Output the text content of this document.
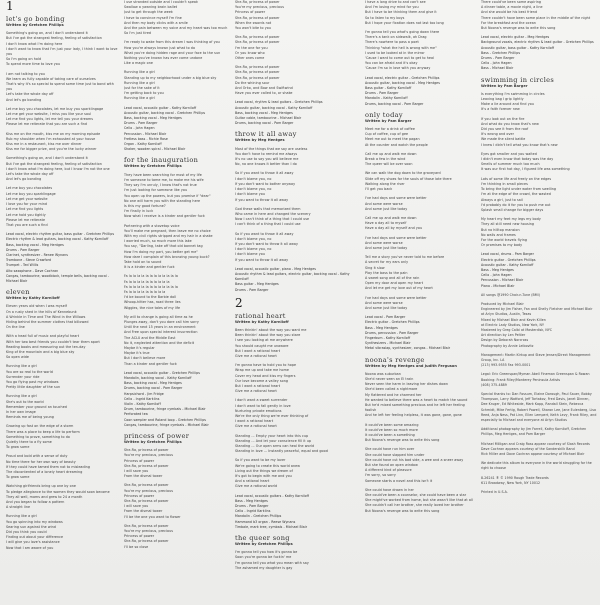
1
let's go bonding
Written by Gretchen Phillips
Something's going on, and I don't understand it
But I've got the strangest feeling, feeling of satisfaction
I don't know what I'm doing here
I don't want to know that I'm just your lady, I think I want to love you
So I'm going on hold
To spend more time to love you
I am not talking to you
We learn as fully capable of taking care of ourselves
That's why it's so special to spend some time just to bond with you
Let's take the whole day off
And let's go bonding
Let me buy you chocolates, let me buy you sparklingage
Let me get your website, I miss you like your soul
Let me find you lights, let me tell you your dreams
Please let me reiterate that you are such a find
Kiss me on the mouth, kiss me on my morning episode
Rub my shoulder when I'm exhausted at your house
Kiss me in a restaurant, kiss me over dinner
Kiss me for bigger prize, and you're the lucky winner
Something's going on, and I don't understand it
But I've got the strangest feeling, feeling of satisfaction
I don't know what I'm doing here, but I know I'm not the one
Let's take the whole day off
And let's go bonding
Let me buy you chocolates
Let me buy you sparklingage
Let me get your website
I love you for your mind
Let me find you lights
Let me hold you tightly
Please let me reiterate
That you are such a find
Lead vocal, electric rhythm guitar, bass guitar - Gretchen Phillips
Electric rhythm & lead guitars, backing vocal - Kathy Korniloff
Bass, backing vocal - Meg Hentges
Drums - Pam Barger
Clarinet, synthesizer - Renee Wynans
Trombone - Steve Crawford
Trumpet - Ted Willis
Alto saxophone - Dave Cochran
Congas, tambourine, woodblock, temple bells, backing vocal - Michael Blair
eleven
Written by Kathy Korniloff
Eleven years old when I was myself
On a rusty shed in the hills of Kennebunk
A Wrinkle in Time and The Wind in the Willows
Hiding behind the summer clothes that billowed
On the line
With a head full of music and playful heart
With her two best friends you couldn't tear them apart
Reading books and measuring out the ten-day
King of the mountain and a big blue sky
So open wide
Running like a girl
You are so real to the world
Surrender your ride
You go flying past my windows
Pretty little daughter of the sun
Running like a girl
She's out to the world
Remember your ground an touched
In her own image
Reminds me of being young
Growing up fast on the edge of a storm
There was a place to keep a life to perform
Something to prove, something to do
Quietly there to a fly some
To grow some
Proud and bold with a sense of duty
No time there for her own way of beauty
If they could have tamed them not to misleading
The discontented of a lonely heart dreaming
To grow some
Watching girlfriends bring up one by one
To pledge allegiance to the women they would soon become
They all well, moms and grew to 24 a month
And you began to follow a pattern
A straight line
Running like a girl
You go spinning into my windows
Searing sun against the wind
Did you think you could
Finding out about your difference
I will give you love's assistance
Now that I am aware of you
I use stranded outside and I couldn't speak
Swallow a yawning brain ballet
Just to get through the week
I have to convince myself I'm fine
And then my body clicks with a smile
And the pain between my voice and my heart was too much
So I'm just tired
I'm ready to wake from this dream I was thinking of you
How you're always known just what to do
What you're doing hidden rage and your face to the sun
Nothing you've known has ever come undone
Like a magic one
Running like a girl
Standing up to my neighborhood under a big blue sky
Running like a girl
Just for the sake of it
I'm getting back to you
Running like a girl
Lead vocal, acoustic guitar - Kathy Korniloff
Acoustic guitar, backing vocal - Gretchen Phillips
Bass, backing vocal - Meg Hentges
Drums - Pam Barger
Cello - John Hagen
Percussion - Michael Blair
Fretless bass - Richie Rose
Organ - Kathy Korniloff
Shaker, wooden spiral - Michael Blair
for the inauguration
Written by Gretchen Phillips
They have been searching for most of my life
I'm someone to tame me, to make me his wife
They say I'm unruly, I know that's not true
I'm just looking for someone like you
You open up the powers, but you promise if "dear"
No one will harm you with the standing here
Is this my good fortune?
I'm finally in luck
Now what I receive is a kinder and gentler fuck
Partnering with a stovetop voice
You'll make me pregnant, then leave me no choice
With my civil rights stripped and my hair in a shake
I worried much, so much more this lake
You say, "Darling, take off that old bonnet tag
How I'm doing my part, you better get me"
How dare I complain of this bronzing young buck?
Take hold on to sound
It is a kinder and gentler fuck
Fa la la la la la la la la la la la la
Fa la la la la la la la la la la
Fa la la la la la la la la la la la la
Fa la la la la la la la la la
I'd be bound to the Barbie doll
Whoop-hitter has, road three lies
Wiggles, the nice tales of my life
My will to change is going all time as he
Plunges away, don't you dare call him sorry
Until the next 15 years in an environment
And Free upon special interest insurrection
The ACLU and the Middle East
No it, neglected attention and the deficit
Maybe it's regular
Maybe it's true
But I don't believe more
Than a kinder and gentler fuck
Lead vocal, acoustic guitar - Gretchen Phillips
Mandolin, backing vocal - Kathy Korniloff
Bass, backing vocal - Meg Hentges
Drums, backing vocal - Pam Barger
Harpsichord - Jim Fridge
Cello - Ingrid Karklins
Violin - Kathy Korniloff
Drum, tambourine, fringe cymbals - Michael Blair
Perforated tea
Coon sampler and Roland loop - Gretchen Phillips
Congas, tambourine, fringe cymbals - Michael Blair
princess of power
Written by Gretchen Phillips
She-Ra, princess of power
You're my precious, precious
Princess of power
She-Ra, princess of power
I will save you
From the dismal tower
She-Ra, princess of power
You're my precious, precious
Princess of power
She-Ra, princess of power
I will save you
From the dismal tower
I'll be the one you want to flower
She-Ra, princess of power
You're my precious, precious
Princess of power
She-Ra, princess of power
I'll be so close
She-Ra, princess of power
You're my precious, precious
Princess of power
She-Ra, princess of power
When the swords not
You won't bite to you
She-Ra, princess of power
She-Ra, princess of power
I'm the one for you
Or you know who
Other ones come
She-Ra, princess of power
She-Ra, princess of power
She-Ra, princess of power
Do the whining sour
And Orko, and Bow and Swiftwind
Have you ever called to, or shake
Lead vocal, rhythm & lead guitars - Gretchen Phillips
Acoustic guitar, backing vocal - Kathy Korniloff
Bass, backing vocal - Meg Hentges
Guitar cable, tambourine - Michael Blair
Drums, backing vocal - Pam Barger
throw it all away
Written by Meg Hentges
Most of the things that we say are useless
You don't have to remind me always
It's no use to say you will believe me
No, no one knows it better than I do
So if you want to throw it all away
I don't blame you, no
If you don't want to bother anyway
I don't blame you, no
I don't blame you
If you want to throw it all away
God these walls that memorized them
Who came in here and changed the scenery
Now I can't think of a thing that I could use
I can't think of a thing that I could use
So if you want to throw it all away
I don't blame you, no
If you don't want to throw it all away
I don't blame you, no
I don't blame you
If you want to throw it all away
Lead vocal, acoustic guitar, piano - Meg Hentges
Acoustic rhythm & lead guitars, electric guitar, backing vocal - Kathy Korniloff
Bass guitar - Meg Hentges
Drums - Pam Barger
2
rational heart
Written by Kathy Korniloff
Been thinkin' about the way you want me
Been thinkin' about the way you stare
I see you looking at me anywhere
You should caught me unaware
But I want a rational heart
Give me a rational heart
I'm gonna have to hold you to hope
Wrap me up and take me home
Cover my head and kiss my fingers
Our love become a valley song
But I want a rational heart
Give me a rational heart
I don't want a sweet surrender
I don't want to fall gently in love
Nurturing private emotions
We're the only thing we're ever thinking of
I want a rational heart
Give me a rational heart
Standing ... Empty your heart into this cup
Standing ... And let your conscience fill it up
Standing ... Our open arms can heal the world
Standing in love ... Instantly peaceful, equal and good
So if you want to be my lover
We're going to create this world anew
Living out the things we dream of
It's got to begin with me and you
And a rational heart
Give me a rational world
Lead vocal, acoustic guitars - Kathy Korniloff
Bass - Meg Hentges
Drums - Pam Barger
Cello - Ingrid Karklins
Mandolin - Gretchen Phillips
Hammond b3 organ - Reese Wynans
Timbale, mark tree, cymbals - Michael Blair
the queer song
Written by Gretchen Phillips
I'm gonna tell you how it's gonna be
Soon you're gonna be fuckin' me
I'm gonna tell you what you mean with say
The ashamed my daughter is gay
I have a long drive to and can't see
And I'm losing my mind for you
But I have to be thinking them and give it
So to listen to my boys
But I hope your fixation does not last too long
I'm gonna tell you what's going down there
There's a tank on sidewalk, ah Drag
There's nowhere to pass a poet
Thinking "what the hell is wrong with me"
I used to be looked at in the mirror
'Cause I want to come out to get to heal
You can be afraid and it's okay
'Cause I'm so in love with you anyway
Lead vocal, electric guitar - Gretchen Phillips
Acoustic guitar, backing vocal - Meg Hentges
Bass guitar - Kathy Korniloff
Drums - Pam Barger
Mandolin - Kathy Korniloff
Drums, backing vocal - Pam Barger
only today
Written by Pam Barger
Meet me for a drink of coffee
Cup of coffee, cup of gee
Meet me out to meet the pagan
At the counter and watch the people
Call me up and walk me down
Break a few in the wind
The queer will be over soon
We can walk the dog down to the graveyard
Slide off my shoes for the souls of those late there
Walking along the river
I'll get you back
I've had days and some were better
And some were worse
And some just like today
Call me up and walk me down
Have a day all to myself
Have a day all by myself and you
I've had days and some were better
And some were worse
And some just like today
Tell me a story you've never told to me before
A secret for my ears only
Sing it slow
Play the bass to the pain
A sweet song and all of the rain
Open my door and open my heart
And let me get my love out of my heart
I've had days and some were better
And some were worse
And some just like today
Lead vocal - Pam Barger
Electric guitar - Gretchen Phillips
Bass - Meg Hentges
Drums, percussion - Pam Barger
Fingerbum - Kathy Korniloff
Synthesizers - Michael Blair
Metal vibraslap, synthesizer, congas - Michael Blair
noona's revenge
Written by Meg Hentges and Judith Ferguson
Noona was suburban
She'd never seen an El train
Never seen the harm in leaving her dishes down
She'd been called a nightmare
My flattered and he charmed her
He wanted to believe there was a heart to match the sound
But he'd mixed something precious and he left her feeling foolish
And he left her feeling helpless, it was gone, gone, gone
It could've been some amazing
It could've been so much more
It could've been a something
But Noona's revenge was to write this song
She could have run him over
She could have slapped him under
She could have cut his bad side, a wee and a sneer away
But she found an open window
A different kind of pleasure
I'm sorry, so sorry
Someone starts a novel and this isn't it
She could have drawn in her
She could've been a counselor, she could have been a star
She might've worked from home, but she wasn't like that at all
She couldn't call her brother, she really loved her brother
But Noona's revenge was to write this song
There could've been some aspiring
A dinner table, a movie night, a line
And she would be his best friend
There couldn't have been some place in the middle of the night
For the breakfast and the ocean
But Noona's revenge was to write this song
Lead vocal, electric guitar - Meg Hentges
Background vocals, electric rhythm & lead guitar - Gretchen Phillips
Acoustic guitar, bass guitar - Kathy Korniloff
Bass - Gretchen Phillips
Drums - Pam Barger
Cello - John Hagen
Bass - Michael Blair
swimming in circles
Written by Pam Barger
Is everything I'm swimming in circles
Leaving bag I grip lightly
Make a lie around and find you
It's a faith forever new
If you look out on the fire
And what do you know that's new
Did you see it from the roof
It's wrong and over
We made the silent battle
I knew I didn't tell what you know that's new
Eyes got smaller and you waited
I didn't even know that today was the day
Smells of summer much too much
It was our first hot day, I figured life was something
Lots of some life and freely on the edges
I'm thinking in small pieces
To bring the light under water from swelling
I'm at the edge of the crowd, the wasted
Always a girl, just to sail
I'd probably do it for you to push me out
Splash small change for bigger days
My heart my feet my legs my body
They all still need new housing
But no hilltop mansion
No walls and frames
For the world travels flying
Or promises to my body
Lead vocal, drums - Pam Barger
Electric guitar - Gretchen Phillips
Acoustic guitar - Kathy Korniloff
Bass - Meg Hentges
Cello - John Hagen
Percussion - Michael Blair
Piano - Michael Blair
All songs @1990 Chair-n-Tune (BMI)
Produced by Michael Blair
Engineered by Jim Fisher, Fan and Shelly Fletcher and Michael Blair
at Arlyn Studios, Austin, Texas
Mixed by Michael Blair and Kevin Killen
at Electric Lady Studios, New York, NY
Mastered by Greg Calbi at Masterdisk, NYC
Art direction by Len Peltier
Design by Deborah Norcross
Photography by Annie Leibovitz
Management: Martin Kirkup and Steve Jensen/Direct Management Group, Inc. LA
(213) 993-9555 Fax 993-0001
Legal: Eric Greenspan/Myman Abell Fineman Greenspan & Rowan
Booking: Frank Riley/Monterey Peninsula Artists
(408) 375-4889
Special thanks to: Dan Fossum, Elaine Dorough, Paul Sauer, Bobby Thompson, Larry Watford, Jeff Tartakov, Fred Davis, Janet Dinnen, Dee Kruger, Ed Whiteside, Mark Kapp, Randall Stein, Rebecca Schmidt, Mike Fertig, Robert Powell, Sharon Lee, Jane Eulenberg, Lisa Reed, Anja Ness, Pat Linn, Ellen Lempert, Keith Levy, Frank Riley, and especially to Michael and everyone at Arlyn Studios
Additional photography by Jim Farrell, Kathy Korniloff, Gretchen Phillips, Meg Hentges, and Pam Barger
Michael Milligan and Craig Ross appear courtesy of Slash Records
Dave Cochran appears courtesy of the Sanderskilk Band
Rick Miller and Dave Cochran appear courtesy of Michael Blair
We dedicate this album to everyone in the world struggling for the right to choose
8-26241 ® © 1990 Rough Trade Records
611 Broadway, New York, NY 10012
Printed in U.S.A.
